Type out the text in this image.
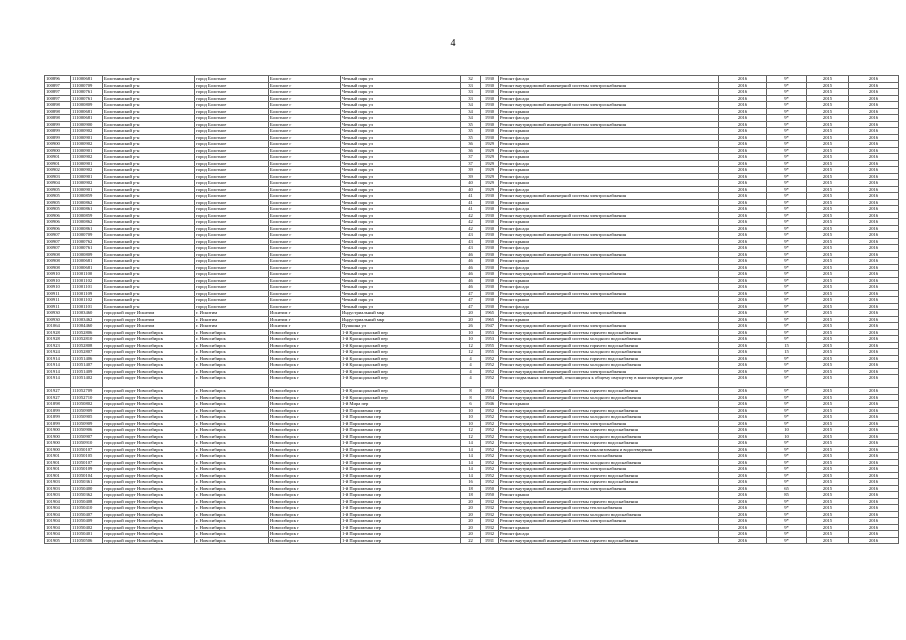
4
100896	111000681	Болотнинский р-н	город Болотное	Болотное г	Чечный парк ул	32	1930	Ремонт фасада	2016	9*	2015	2016
100897	111000709	Болотнинский р-н	город Болотное	Болотное г	Чечный парк ул	33	1930	Ремонт внутридомовой инженерной системы электроснабжения	2016	9*	2015	2016
100897	111000761	Болотнинский р-н	город Болотное	Болотное г	Чечный парк ул	33	1930	Ремонт крыши	2016	9*	2015	2016
100897	111000761	Болотнинский р-н	город Болотное	Болотное г	Чечный парк ул	33	1930	Ремонт фасада	2016	9*	2015	2016
100898	111000809	Болотнинский р-н	город Болотное	Болотное г	Чечный парк ул	34	1930	Ремонт внутридомовой инженерной системы электроснабжения	2016	9*	2015	2016
100898	111000681	Болотнинский р-н	город Болотное	Болотное г	Чечный парк ул	34	1930	Ремонт крыши	2016	9*	2015	2016
100898	111000681	Болотнинский р-н	город Болотное	Болотное г	Чечный парк ул	34	1930	Ремонт фасада	2016	9*	2015	2016
100899	111000900	Болотнинский р-н	город Болотное	Болотное г	Чечный парк ул	35	1930	Ремонт внутридомовой инженерной системы электроснабжения	2016	9*	2015	2016
100899	111000902	Болотнинский р-н	город Болотное	Болотное г	Чечный парк ул	35	1930	Ремонт крыши	2016	9*	2015	2016
100899	111000901	Болотнинский р-н	город Болотное	Болотное г	Чечный парк ул	35	1930	Ремонт фасада	2016	9*	2015	2016
100900	111000902	Болотнинский р-н	город Болотное	Болотное г	Чечный парк ул	36	1929	Ремонт крыши	2016	9*	2015	2016
100900	111000901	Болотнинский р-н	город Болотное	Болотное г	Чечный парк ул	36	1929	Ремонт фасада	2016	9*	2015	2016
100901	111000902	Болотнинский р-н	город Болотное	Болотное г	Чечный парк ул	37	1929	Ремонт крыши	2016	9*	2015	2016
100901	111000901	Болотнинский р-н	город Болотное	Болотное г	Чечный парк ул	37	1929	Ремонт фасада	2016	9*	2015	2016
100902	111000902	Болотнинский р-н	город Болотное	Болотное г	Чечный парк ул	39	1929	Ремонт крыши	2016	9*	2015	2016
100903	111000901	Болотнинский р-н	город Болотное	Болотное г	Чечный парк ул	39	1929	Ремонт фасада	2016	9*	2015	2016
100904	111000902	Болотнинский р-н	город Болотное	Болотное г	Чечный парк ул	40	1929	Ремонт крыши	2016	9*	2015	2016
100905	111000901	Болотнинский р-н	город Болотное	Болотное г	Чечный парк ул	40	1929	Ремонт фасада	2016	9*	2015	2016
100905	111000859	Болотнинский р-н	город Болотное	Болотное г	Чечный парк ул	41	1930	Ремонт внутридомовой инженерной системы электроснабжения	2016	9*	2015	2016
100905	111000862	Болотнинский р-н	город Болотное	Болотное г	Чечный парк ул	41	1930	Ремонт крыши	2016	9*	2015	2016
100905	111000861	Болотнинский р-н	город Болотное	Болотное г	Чечный парк ул	41	1930	Ремонт фасада	2016	9*	2015	2016
100906	111000859	Болотнинский р-н	город Болотное	Болотное г	Чечный парк ул	42	1930	Ремонт внутридомовой инженерной системы электроснабжения	2016	9*	2015	2016
100906	111000862	Болотнинский р-н	город Болотное	Болотное г	Чечный парк ул	42	1930	Ремонт крыши	2016	9*	2015	2016
100906	111000861	Болотнинский р-н	город Болотное	Болотное г	Чечный парк ул	42	1930	Ремонт фасада	2016	9*	2015	2016
100907	111000709	Болотнинский р-н	город Болотное	Болотное г	Чечный парк ул	43	1930	Ремонт внутридомовой инженерной системы электроснабжения	2016	9*	2015	2016
100907	111000762	Болотнинский р-н	город Болотное	Болотное г	Чечный парк ул	43	1930	Ремонт крыши	2016	9*	2015	2016
100907	111000761	Болотнинский р-н	город Болотное	Болотное г	Чечный парк ул	43	1930	Ремонт фасада	2016	9*	2015	2016
100908	111000809	Болотнинский р-н	город Болотное	Болотное г	Чечный парк ул	46	1930	Ремонт внутридомовой инженерной системы электроснабжения	2016	9*	2015	2016
100908	111000681	Болотнинский р-н	город Болотное	Болотное г	Чечный парк ул	46	1930	Ремонт крыши	2016	9*	2015	2016
100908	111000681	Болотнинский р-н	город Болотное	Болотное г	Чечный парк ул	46	1930	Ремонт фасада	2016	9*	2015	2016
100910	111001100	Болотнинский р-н	город Болотное	Болотное г	Чечный парк ул	46	1930	Ремонт внутридомовой инженерной системы электроснабжения	2016	9*	2015	2016
100910	111001102	Болотнинский р-н	город Болотное	Болотное г	Чечный парк ул	46	1930	Ремонт крыши	2016	9*	2015	2016
100910	111001101	Болотнинский р-н	город Болотное	Болотное г	Чечный парк ул	46	1930	Ремонт фасада	2016	9*	2015	2016
100911	111001109	Болотнинский р-н	город Болотное	Болотное г	Чечный парк ул	47	1930	Ремонт внутридомовой инженерной системы электроснабжения	2016	9*	2015	2016
100911	111001102	Болотнинский р-н	город Болотное	Болотное г	Чечный парк ул	47	1930	Ремонт крыши	2016	9*	2015	2016
100911	111001101	Болотнинский р-н	город Болотное	Болотное г	Чечный парк ул	47	1930	Ремонт фасада	2016	9*	2015	2016
100930	111003460	городской округ Искитим	г. Искитим	Искитим г	Индустриальный мкр	20	1965	Ремонт внутридомовой инженерной системы электроснабжения	2016	9*	2015	2016
100930	111003462	городской округ Искитим	г. Искитим	Искитим г	Индустриальный мкр	20	1965	Ремонт крыши	2016	9*	2015	2016
101064	111004460	городской округ Искитим	г. Искитим	Искитим г	Пушкина ул	26	1947	Ремонт внутридомовой инженерной системы электроснабжения	2016	9*	2015	2016
101928	111052806	городской округ Новосибирск	г. Новосибирск	Новосибирск г	1-й Краснодонский пер	10	1953	Ремонт внутридомовой инженерной системы горячего водоснабжения	2016	9*	2015	2016
101928	111052810	городской округ Новосибирск	г. Новосибирск	Новосибирск г	1-й Краснодонский пер	10	1953	Ремонт внутридомовой инженерной системы холодного водоснабжения	2016	9*	2015	2016
101923	111052808	городской округ Новосибирск	г. Новосибирск	Новосибирск г	1-й Краснодонский пер	12	1955	Ремонт внутридомовой инженерной системы горячего водоснабжения	2016	15	2015	2016
101924	111052807	городской округ Новосибирск	г. Новосибирск	Новосибирск г	1-й Краснодонский пер	12	1955	Ремонт внутридомовой инженерной системы холодного водоснабжения	2016	15	2015	2016
101914	111051406	городской округ Новосибирск	г. Новосибирск	Новосибирск г	1-й Краснодонский пер	4	1952	Ремонт внутридомовой инженерной системы горячего водоснабжения	2016	9*	2015	2016
101914	111051407	городской округ Новосибирск	г. Новосибирск	Новосибирск г	1-й Краснодонский пер	4	1952	Ремонт внутридомовой инженерной системы холодного водоснабжения	2016	9*	2015	2016
101914	111051409	городской округ Новосибирск	г. Новосибирск	Новосибирск г	1-й Краснодонский пер	4	1952	Ремонт внутридомовой инженерной системы электроснабжения	2016	9*	2015	2016
101914	111051402	городской округ Новосибирск	г. Новосибирск	Новосибирск г	1-й Краснодонский пер	4	1952	Ремонт подвальных помещений, относящихся к общему имуществу в многоквартирном доме	2016	9*	2015	2016
101927	111052709	городской округ Новосибирск	г. Новосибирск	Новосибирск г	1-й Краснодонский пер	8	1954	Ремонт внутридомовой инженерной системы горячего водоснабжения	2016	9*	2015	2016
101927	111052710	городской округ Новосибирск	г. Новосибирск	Новосибирск г	1-й Краснодонский пер	8	1954	Ремонт внутридомовой инженерной системы холодного водоснабжения	2016	9*	2015	2016
101898	111050802	городской округ Новосибирск	г. Новосибирск	Новосибирск г	1-й Мира пер	6	1946	Ремонт крыши	2016	9*	2015	2016
101899	111050909	городской округ Новосибирск	г. Новосибирск	Новосибирск г	1-й Пархоменко пер	10	1952	Ремонт внутридомовой инженерной системы горячего водоснабжения	2016	9*	2015	2016
101899	111050905	городской округ Новосибирск	г. Новосибирск	Новосибирск г	1-й Пархоменко пер	10	1952	Ремонт внутридомовой инженерной системы холодного водоснабжения	2016	9*	2015	2016
101899	111050909	городской округ Новосибирск	г. Новосибирск	Новосибирск г	1-й Пархоменко пер	10	1952	Ремонт внутридомовой инженерной системы электроснабжения	2016	9*	2015	2016
101900	111050906	городской округ Новосибирск	г. Новосибирск	Новосибирск г	1-й Пархоменко пер	12	1952	Ремонт внутридомовой инженерной системы горячего водоснабжения	2016	10	2015	2016
101900	111050907	городской округ Новосибирск	г. Новосибирск	Новосибирск г	1-й Пархоменко пер	12	1952	Ремонт внутридомовой инженерной системы холодного водоснабжения	2016	10	2015	2016
101900	111050910	городской округ Новосибирск	г. Новосибирск	Новосибирск г	1-й Пархоменко пер	14	1952	Ремонт внутридомовой инженерной системы горячего водоснабжения	2016	9*	2015	2016
101900	111050107	городской округ Новосибирск	г. Новосибирск	Новосибирск г	1-й Пархоменко пер	14	1952	Ремонт внутридомовой инженерной системы канализования и водоотведения	2016	9*	2015	2016
101901	111050105	городской округ Новосибирск	г. Новосибирск	Новосибирск г	1-й Пархоменко пер	14	1952	Ремонт внутридомовой инженерной системы теплоснабжения	2016	9*	2015	2016
101901	111050107	городской округ Новосибирск	г. Новосибирск	Новосибирск г	1-й Пархоменко пер	14	1952	Ремонт внутридомовой инженерной системы холодного водоснабжения	2016	9*	2015	2016
101901	111050109	городской округ Новосибирск	г. Новосибирск	Новосибирск г	1-й Пархоменко пер	14	1952	Ремонт внутридомовой инженерной системы электроснабжения	2016	9*	2015	2016
101901	111050104	городской округ Новосибирск	г. Новосибирск	Новосибирск г	1-й Пархоменко пер	14	1952	Ремонт внутридомовой инженерной системы горячего водоснабжения	2016	9*	2015	2016
101903	111050361	городской округ Новосибирск	г. Новосибирск	Новосибирск г	1-й Пархоменко пер	16	1952	Ремонт внутридомовой инженерной системы горячего водоснабжения	2016	9*	2015	2016
101903	111050400	городской округ Новосибирск	г. Новосибирск	Новосибирск г	1-й Пархоменко пер	18	1950	Ремонт внутридомовой инженерной системы электроснабжения	2016	65	2015	2016
101903	111050362	городской округ Новосибирск	г. Новосибирск	Новосибирск г	1-й Пархоменко пер	18	1950	Ремонт крыши	2016	85	2015	2016
101904	111050408	городской округ Новосибирск	г. Новосибирск	Новосибирск г	1-й Пархоменко пер	20	1932	Ремонт внутридомовой инженерной системы горячего водоснабжения	2016	9*	2015	2016
101904	111050410	городской округ Новосибирск	г. Новосибирск	Новосибирск г	1-й Пархоменко пер	20	1932	Ремонт внутридомовой инженерной системы теплоснабжения	2016	9*	2015	2016
101904	111050407	городской округ Новосибирск	г. Новосибирск	Новосибирск г	1-й Пархоменко пер	20	1932	Ремонт внутридомовой инженерной системы холодного водоснабжения	2016	9*	2015	2016
101904	111050409	городской округ Новосибирск	г. Новосибирск	Новосибирск г	1-й Пархоменко пер	20	1932	Ремонт внутридомовой инженерной системы электроснабжения	2016	9*	2015	2016
101904	111050402	городской округ Новосибирск	г. Новосибирск	Новосибирск г	1-й Пархоменко пер	20	1932	Ремонт крыши	2016	9*	2015	2016
101904	111050401	городской округ Новосибирск	г. Новосибирск	Новосибирск г	1-й Пархоменко пер	20	1932	Ремонт фасада	2016	9*	2015	2016
101905	111050506	городской округ Новосибирск	г. Новосибирск	Новосибирск г	1-й Пархоменко пер	22	1931	Ремонт внутридомовой инженерной системы горячего водоснабжения	2016	9*	2015	2016
